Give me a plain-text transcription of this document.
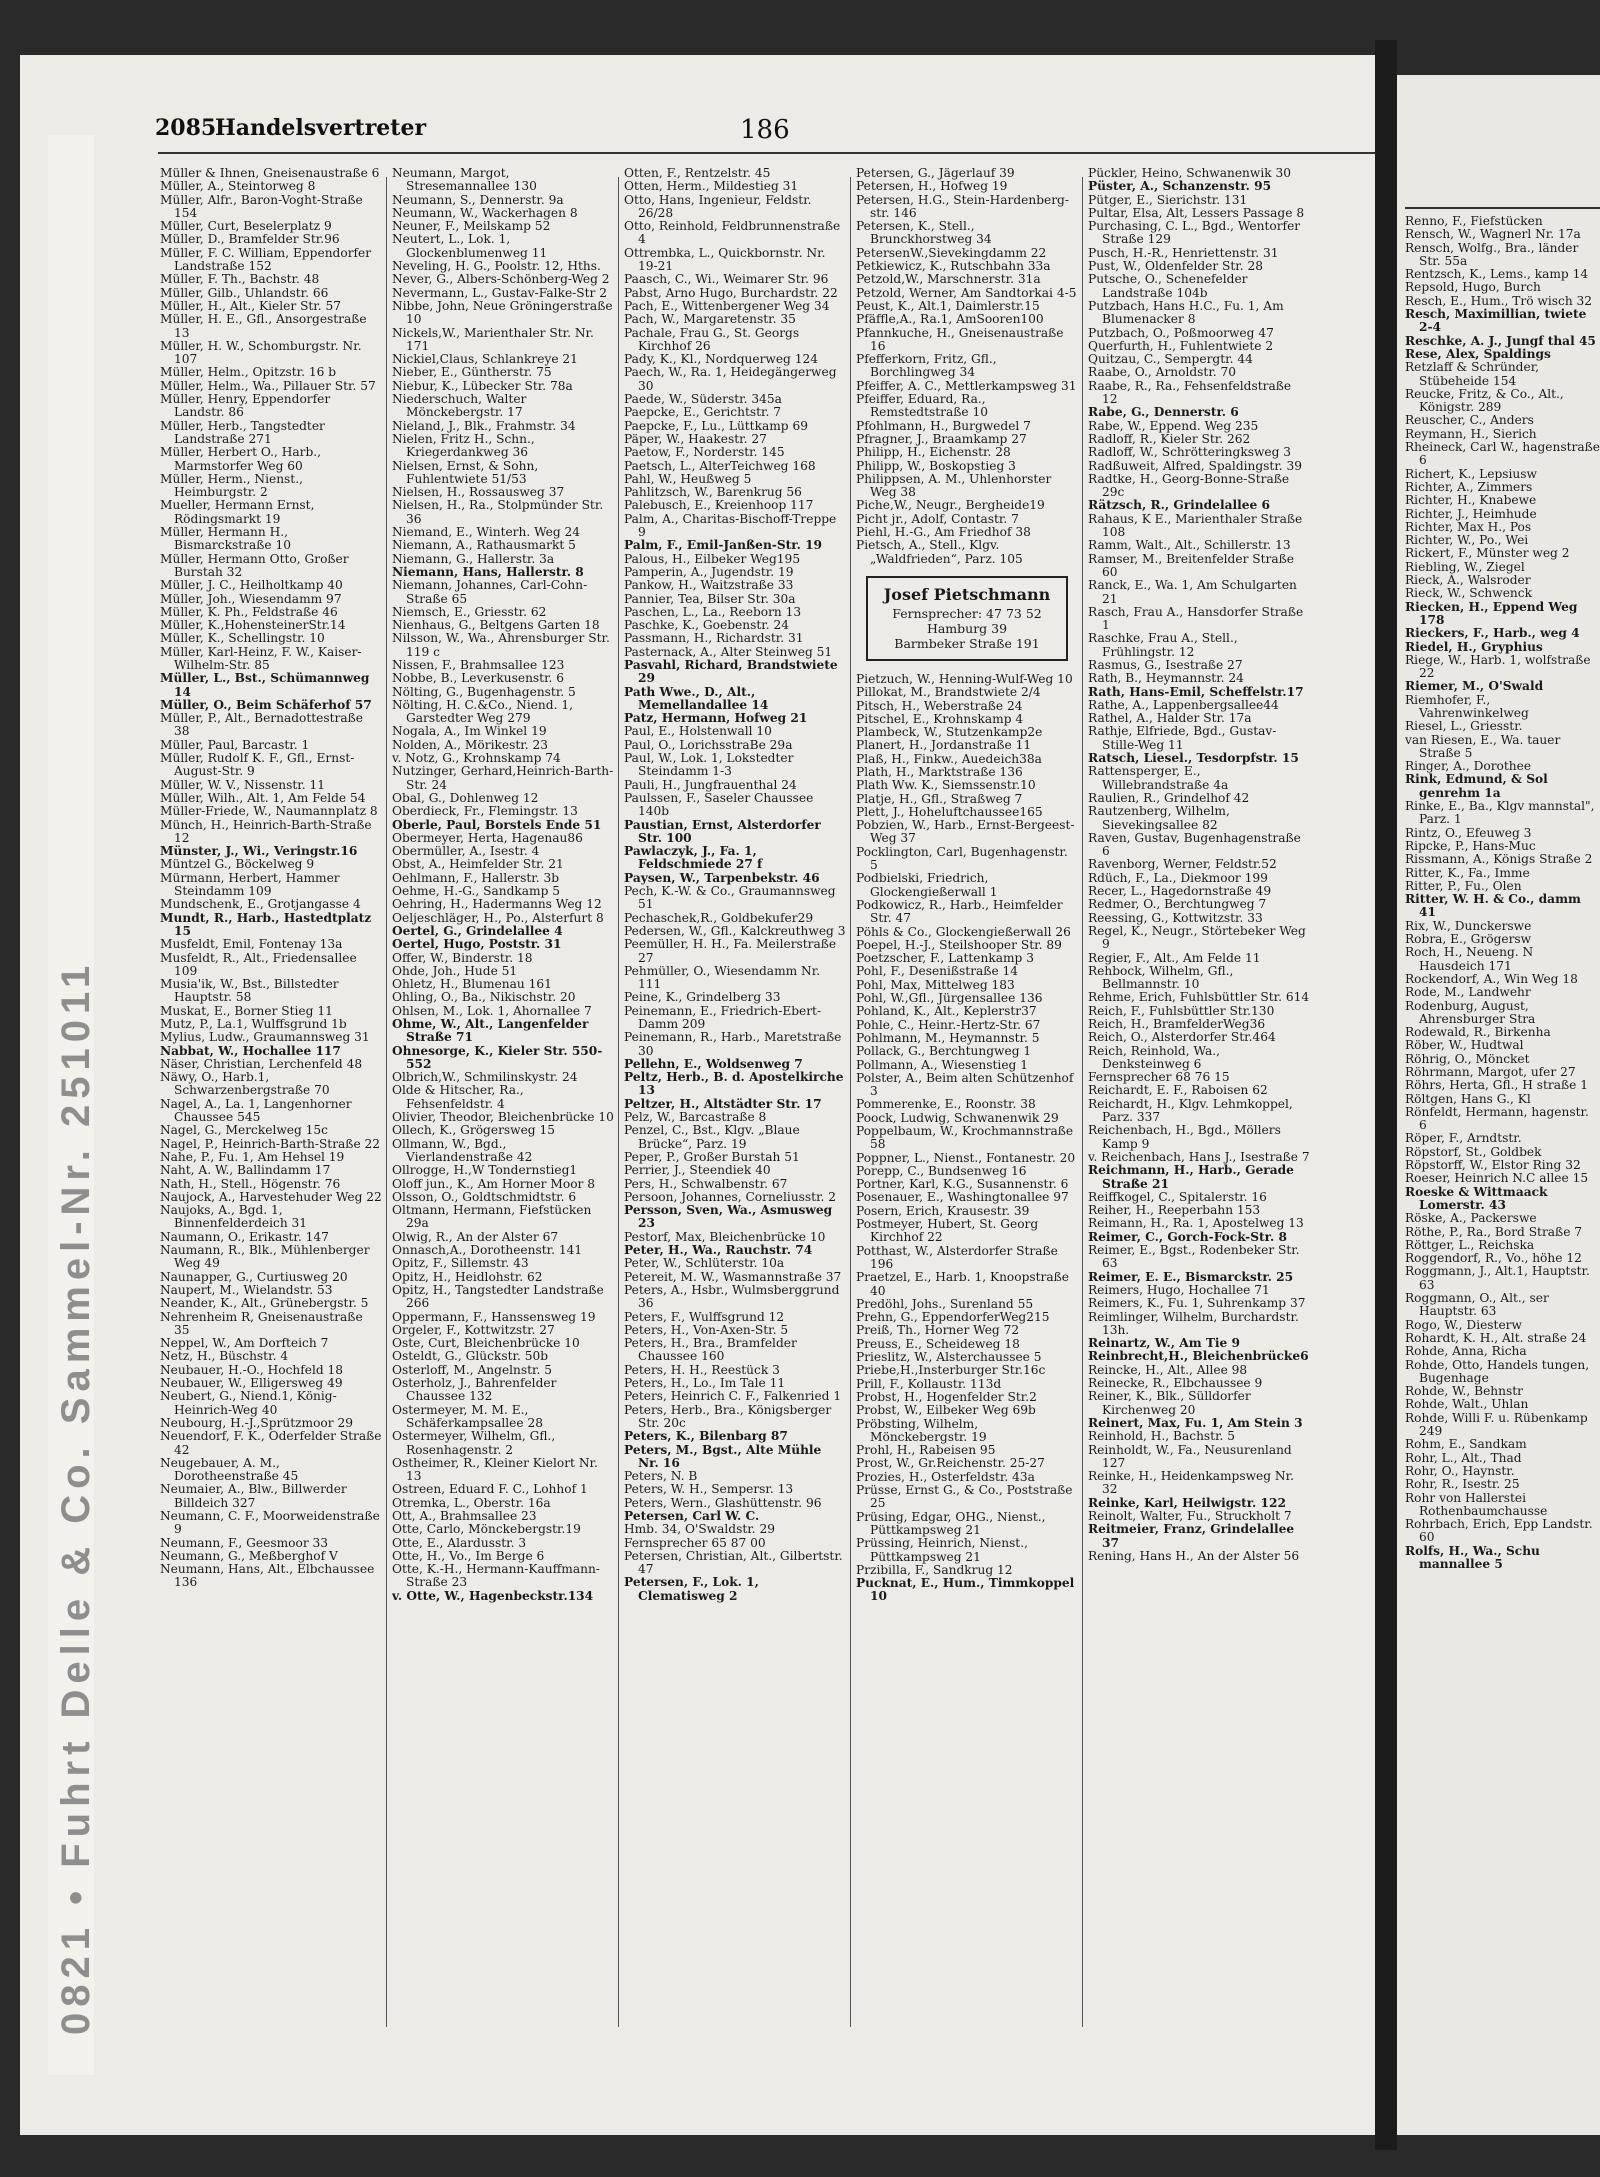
0821 • Fuhrt Delle & Co. Sammel-Nr. 251011
2085
Handelsvertreter	186
Müller & Ihnen, Gneisenaustraße 6
Müller, A., Steintorweg 8
Müller, Alfr., Baron-Voght-Straße 154
Müller, Curt, Beselerplatz 9
Müller, D., Bramfelder Str.96
Müller, F. C. William, Eppendorfer Landstraße 152
Müller, F. Th., Bachstr. 48
Müller, Gilb., Uhlandstr. 66
Müller, H., Alt., Kieler Str. 57
Müller, H. E., Gfl., Ansorgestraße 13
Müller, H. W., Schomburgstr. Nr. 107
Müller, Helm., Opitzstr. 16 b
Müller, Helm., Wa., Pillauer Str. 57
Müller, Henry, Eppendorfer Landstr. 86
Müller, Herb., Tangstedter Landstraße 271
Müller, Herbert O., Harb., Marmstorfer Weg 60
Müller, Herm., Nienst., Heimburgstr. 2
Mueller, Hermann Ernst, Rödingsmarkt 19
Müller, Hermann H., Bismarckstraße 10
Müller, Hermann Otto, Großer Burstah 32
Müller, J. C., Heilholtkamp 40
Müller, Joh., Wiesendamm 97
Müller, K. Ph., Feldstraße 46
Müller, K.,HohensteinerStr.14
Müller, K., Schellingstr. 10
Müller, Karl-Heinz, F. W., Kaiser-Wilhelm-Str. 85
Müller, L., Bst., Schümannweg 14
Müller, O., Beim Schäferhof 57
Müller, P., Alt., Bernadottestraße 38
Müller, Paul, Barcastr. 1
Müller, Rudolf K. F., Gfl., Ernst-August-Str. 9
Müller, W. V., Nissenstr. 11
Müller, Wilh., Alt. 1, Am Felde 54
Müller-Friede, W., Naumannplatz 8
Münch, H., Heinrich-Barth-Straße 12
Münster, J., Wi., Veringstr.16
Müntzel G., Böckelweg 9
Mürmann, Herbert, Hammer Steindamm 109
Mundschenk, E., Grotjangasse 4
Mundt, R., Harb., Hastedtplatz 15
Musfeldt, Emil, Fontenay 13a
Musfeldt, R., Alt., Friedensallee 109
Musia'ik, W., Bst., Billstedter Hauptstr. 58
Muskat, E., Borner Stieg 11
Mutz, P., La.1, Wulffsgrund 1b
Mylius, Ludw., Graumannsweg 31
Nabbat, W., Hochallee 117
Näser, Christian, Lerchenfeld 48
Näwy, O., Harb.1, Schwarzenbergstraße 70
Nagel, A., La. 1, Langenhorner Chaussee 545
Nagel, G., Merckelweg 15c
Nagel, P., Heinrich-Barth-Straße 22
Nahe, P., Fu. 1, Am Hehsel 19
Naht, A. W., Ballindamm 17
Nath, H., Stell., Högenstr. 76
Naujock, A., Harvestehuder Weg 22
Naujoks, A., Bgd. 1, Binnenfelderdeich 31
Naumann, O., Erikastr. 147
Naumann, R., Blk., Mühlenberger Weg 49
Naunapper, G., Curtiusweg 20
Naupert, M., Wielandstr. 53
Neander, K., Alt., Grünebergstr. 5
Nehrenheim R, Gneisenaustraße 35
Neppel, W., Am Dorfteich 7
Netz, H., Büschstr. 4
Neubauer, H.-O., Hochfeld 18
Neubauer, W., Elligersweg 49
Neubert, G., Niend.1, König-Heinrich-Weg 40
Neubourg, H.-J.,Sprützmoor 29
Neuendorf, F. K., Oderfelder Straße 42
Neugebauer, A. M., Dorotheenstraße 45
Neumaier, A., Blw., Billwerder Billdeich 327
Neumann, C. F., Moorweidenstraße 9
Neumann, F., Geesmoor 33
Neumann, G., Meßberghof V
Neumann, Hans, Alt., Elbchaussee 136
Neumann, Margot, Stresemannallee 130
Neumann, S., Dennerstr. 9a
Neumann, W., Wackerhagen 8
Neuner, F., Meilskamp 52
Neutert, L., Lok. 1, Glockenblumenweg 11
Neveling, H. G., Poolstr. 12, Hths.
Never, G., Albers-Schönberg-Weg 2
Nevermann, L., Gustav-Falke-Str 2
Nibbe, John, Neue Gröningerstraße 10
Nickels,W., Marienthaler Str. Nr. 171
Nickiel,Claus, Schlankreye 21
Nieber, E., Güntherstr. 75
Niebur, K., Lübecker Str. 78a
Niederschuch, Walter Mönckebergstr. 17
Nieland, J., Blk., Frahmstr. 34
Nielen, Fritz H., Schn., Kriegerdankweg 36
Nielsen, Ernst, & Sohn, Fuhlentwiete 51/53
Nielsen, H., Rossausweg 37
Nielsen, H., Ra., Stolpmünder Str. 36
Niemand, E., Winterh. Weg 24
Niemann, A., Rathausmarkt 5
Niemann, G., Hallerstr. 3a
Niemann, Hans, Hallerstr. 8
Niemann, Johannes, Carl-Cohn-Straße 65
Niemsch, E., Griesstr. 62
Nienhaus, G., Beltgens Garten 18
Nilsson, W., Wa., Ahrensburger Str. 119 c
Nissen, F., Brahmsallee 123
Nobbe, B., Leverkusenstr. 6
Nölting, G., Bugenhagenstr. 5
Nölting, H. C.&Co., Niend. 1, Garstedter Weg 279
Nogala, A., Im Winkel 19
Nolden, A., Mörikestr. 23
v. Notz, G., Krohnskamp 74
Nutzinger, Gerhard,Heinrich-Barth-Str. 24
Obal, G., Dohlenweg 12
Oberdieck, Fr., Flemingstr. 13
Oberle, Paul, Borstels Ende 51
Obermeyer, Herta, Hagenau86
Obermüller, A., Isestr. 4
Obst, A., Heimfelder Str. 21
Oehlmann, F., Hallerstr. 3b
Oehme, H.-G., Sandkamp 5
Oehring, H., Hadermanns Weg 12
Oeljeschläger, H., Po., Alsterfurt 8
Oertel, G., Grindelallee 4
Oertel, Hugo, Poststr. 31
Offer, W., Binderstr. 18
Ohde, Joh., Hude 51
Ohletz, H., Blumenau 161
Ohling, O., Ba., Nikischstr. 20
Ohlsen, M., Lok. 1, Ahornallee 7
Ohme, W., Alt., Langenfelder Straße 71
Ohnesorge, K., Kieler Str. 550-552
Olbrich,W., Schmilinskystr. 24
Olde & Hitscher, Ra., Fehsenfeldstr. 4
Olivier, Theodor, Bleichenbrücke 10
Ollech, K., Grögersweg 15
Ollmann, W., Bgd., Vierlandenstraße 42
Ollrogge, H.,W Tondernstieg1
Oloff jun., K., Am Horner Moor 8
Olsson, O., Goldtschmidtstr. 6
Oltmann, Hermann, Fiefstücken 29a
Olwig, R., An der Alster 67
Onnasch,A., Dorotheenstr. 141
Opitz, F., Sillemstr. 43
Opitz, H., Heidlohstr. 62
Opitz, H., Tangstedter Landstraße 266
Oppermann, F., Hanssensweg 19
Orgeler, F., Kottwitzstr. 27
Oste, Curt, Bleichenbrücke 10
Osteldt, G., Glückstr. 50b
Osterloff, M., Angelnstr. 5
Osterholz, J., Bahrenfelder Chaussee 132
Ostermeyer, M. M. E., Schäferkampsallee 28
Ostermeyer, Wilhelm, Gfl., Rosenhagenstr. 2
Ostheimer, R., Kleiner Kielort Nr. 13
Ostreen, Eduard F. C., Lohhof 1
Otremka, L., Oberstr. 16a
Ott, A., Brahmsallee 23
Otte, Carlo, Mönckebergstr.19
Otte, E., Alardusstr. 3
Otte, H., Vo., Im Berge 6
Otte, K.-H., Hermann-Kauffmann-Straße 23
v. Otte, W., Hagenbeckstr.134
Otten, F., Rentzelstr. 45
Otten, Herm., Mildestieg 31
Otto, Hans, Ingenieur, Feldstr. 26/28
Otto, Reinhold, Feldbrunnenstraße 4
Ottrembka, L., Quickbornstr. Nr. 19-21
Paasch, C., Wi., Weimarer Str. 96
Pabst, Arno Hugo, Burchardstr. 22
Pach, E., Wittenbergener Weg 34
Pach, W., Margaretenstr. 35
Pachale, Frau G., St. Georgs Kirchhof 26
Pady, K., Kl., Nordquerweg 124
Paech, W., Ra. 1, Heidegängerweg 30
Paede, W., Süderstr. 345a
Paepcke, E., Gerichtstr. 7
Paepcke, F., Lu., Lüttkamp 69
Päper, W., Haakestr. 27
Paetow, F., Norderstr. 145
Paetsch, L., AlterTeichweg 168
Pahl, W., Heußweg 5
Pahlitzsch, W., Barenkrug 56
Palebusch, E., Kreienhoop 117
Palm, A., Charitas-Bischoff-Treppe 9
Palm, F., Emil-Janßen-Str. 19
Palous, H., Eilbeker Weg195
Pamperin, A., Jugendstr. 19
Pankow, H., Waitzstraße 33
Pannier, Tea, Bilser Str. 30a
Paschen, L., La., Reeborn 13
Paschke, K., Goebenstr. 24
Passmann, H., Richardstr. 31
Pasternack, A., Alter Steinweg 51
Pasvahl, Richard, Brandstwiete 29
Path Wwe., D., Alt., Memellandallee 14
Patz, Hermann, Hofweg 21
Paul, E., Holstenwall 10
Paul, O., LorichsstraBe 29a
Paul, W., Lok. 1, Lokstedter Steindamm 1-3
Pauli, H., Jungfrauenthal 24
Paulssen, F., Saseler Chaussee 140b
Paustian, Ernst, Alsterdorfer Str. 100
Pawlaczyk, J., Fa. 1, Feldschmiede 27 f
Paysen, W., Tarpenbekstr. 46
Pech, K.-W. & Co., Graumannsweg 51
Pechaschek,R., Goldbekufer29
Pedersen, W., Gfl., Kalckreuthweg 3
Peemüller, H. H., Fa. Meilerstraße 27
Pehmüller, O., Wiesendamm Nr. 111
Peine, K., Grindelberg 33
Peinemann, E., Friedrich-Ebert-Damm 209
Peinemann, R., Harb., Maretstraße 30
Pellehn, E., Woldsenweg 7
Peltz, Herb., B. d. Apostelkirche 13
Peltzer, H., Altstädter Str. 17
Pelz, W., Barcastraße 8
Penzel, C., Bst., Klgv. „Blaue Brücke“, Parz. 19
Peper, P., Großer Burstah 51
Perrier, J., Steendiek 40
Pers, H., Schwalbenstr. 67
Persoon, Johannes, Corneliusstr. 2
Persson, Sven, Wa., Asmusweg 23
Pestorf, Max, Bleichenbrücke 10
Peter, H., Wa., Rauchstr. 74
Peter, W., Schlüterstr. 10a
Petereit, M. W., Wasmannstraße 37
Peters, A., Hsbr., Wulmsberggrund 36
Peters, F., Wulffsgrund 12
Peters, H., Von-Axen-Str. 5
Peters, H., Bra., Bramfelder Chaussee 160
Peters, H. H., Reestück 3
Peters, H., Lo., Im Tale 11
Peters, Heinrich C. F., Falkenried 1
Peters, Herb., Bra., Königsberger Str. 20c
Peters, K., Bilenbarg 87
Peters, M., Bgst., Alte Mühle Nr. 16
Peters, N. B
Peters, W. H., Sempersr. 13
Peters, Wern., Glashüttenstr. 96
Petersen, Carl W. C.
Hmb. 34, O'Swaldstr. 29
Fernsprecher 65 87 00
Petersen, Christian, Alt., Gilbertstr. 47
Petersen, F., Lok. 1, Clematisweg 2
Petersen, G., Jägerlauf 39
Petersen, H., Hofweg 19
Petersen, H.G., Stein-Hardenberg-str. 146
Petersen, K., Stell., Brunckhorstweg 34
PetersenW.,Sievekingdamm 22
Petkiewicz, K., Rutschbahn 33a
Petzold,W., Marschnerstr. 31a
Petzold, Werner, Am Sandtorkai 4-5
Peust, K., Alt.1, Daimlerstr.15
Pfäffle,A., Ra.1, AmSooren100
Pfannkuche, H., Gneisenaustraße 16
Pfefferkorn, Fritz, Gfl., Borchlingweg 34
Pfeiffer, A. C., Mettlerkampsweg 31
Pfeiffer, Eduard, Ra., Remstedtstraße 10
Pfohlmann, H., Burgwedel 7
Pfragner, J., Braamkamp 27
Philipp, H., Eichenstr. 28
Philipp, W., Boskopstieg 3
Philippsen, A. M., Uhlenhorster Weg 38
Piche,W., Neugr., Bergheide19
Picht jr., Adolf, Contastr. 7
Piehl, H.-G., Am Friedhof 38
Pietsch, A., Stell., Klgv. „Waldfrieden“, Parz. 105
Josef Pietschmann
Fernsprecher: 47 73 52
Hamburg 39
Barmbeker Straße 191
Pietzuch, W., Henning-Wulf-Weg 10
Pillokat, M., Brandstwiete 2/4
Pitsch, H., Weberstraße 24
Pitschel, E., Krohnskamp 4
Plambeck, W., Stutzenkamp2e
Planert, H., Jordanstraße 11
Plaß, H., Finkw., Auedeich38a
Plath, H., Marktstraße 136
Plath Ww. K., Siemssenstr.10
Platje, H., Gfl., Straßweg 7
Plett, J., Hoheluftchaussee165
Pobzien, W., Harb., Ernst-Bergeest-Weg 37
Pocklington, Carl, Bugenhagenstr. 5
Podbielski, Friedrich, Glockengießerwall 1
Podkowicz, R., Harb., Heimfelder Str. 47
Pöhls & Co., Glockengießerwall 26
Poepel, H.-J., Steilshooper Str. 89
Poetzscher, F., Lattenkamp 3
Pohl, F., Desenißstraße 14
Pohl, Max, Mittelweg 183
Pohl, W.,Gfl., Jürgensallee 136
Pohland, K., Alt., Keplerstr37
Pohle, C., Heinr.-Hertz-Str. 67
Pohlmann, M., Heymannstr. 5
Pollack, G., Berchtungweg 1
Pollmann, A., Wiesenstieg 1
Polster, A., Beim alten Schützenhof 3
Pommerenke, E., Roonstr. 38
Poock, Ludwig, Schwanenwik 29
Poppelbaum, W., Krochmannstraße 58
Poppner, L., Nienst., Fontanestr. 20
Porepp, C., Bundsenweg 16
Portner, Karl, K.G., Susannenstr. 6
Posenauer, E., Washingtonallee 97
Posern, Erich, Krausestr. 39
Postmeyer, Hubert, St. Georg Kirchhof 22
Potthast, W., Alsterdorfer Straße 196
Praetzel, E., Harb. 1, Knoopstraße 40
Predöhl, Johs., Surenland 55
Prehn, G., EppendorferWeg215
Preiß, Th., Horner Weg 72
Preuss, E., Scheideweg 18
Prieslitz, W., Alsterchaussee 5
Priebe,H.,Insterburger Str.16c
Prill, F., Kollaustr. 113d
Probst, H., Hogenfelder Str.2
Probst, W., Eilbeker Weg 69b
Pröbsting, Wilhelm, Mönckebergstr. 19
Prohl, H., Rabeisen 95
Prost, W., Gr.Reichenstr. 25-27
Prozies, H., Osterfeldstr. 43a
Prüsse, Ernst G., & Co., Poststraße 25
Prüsing, Edgar, OHG., Nienst., Püttkampsweg 21
Prüssing, Heinrich, Nienst., Püttkampsweg 21
Przibilla, F., Sandkrug 12
Pucknat, E., Hum., Timmkoppel 10
Pückler, Heino, Schwanenwik 30
Püster, A., Schanzenstr. 95
Pütger, E., Sierichstr. 131
Pultar, Elsa, Alt, Lessers Passage 8
Purchasing, C. L., Bgd., Wentorfer Straße 129
Pusch, H.-R., Henriettenstr. 31
Pust, W., Oldenfelder Str. 28
Putsche, O., Schenefelder Landstraße 104b
Putzbach, Hans H.C., Fu. 1, Am Blumenacker 8
Putzbach, O., Poßmoorweg 47
Querfurth, H., Fuhlentwiete 2
Quitzau, C., Sempergtr. 44
Raabe, O., Arnoldstr. 70
Raabe, R., Ra., Fehsenfeldstraße 12
Rabe, G., Dennerstr. 6
Rabe, W., Eppend. Weg 235
Radloff, R., Kieler Str. 262
Radloff, W., Schrötteringksweg 3
Radßuweit, Alfred, Spaldingstr. 39
Radtke, H., Georg-Bonne-Straße 29c
Rätzsch, R., Grindelallee 6
Rahaus, K E., Marienthaler Straße 108
Ramm, Walt., Alt., Schillerstr. 13
Ramser, M., Breitenfelder Straße 60
Ranck, E., Wa. 1, Am Schulgarten 21
Rasch, Frau A., Hansdorfer Straße 1
Raschke, Frau A., Stell., Frühlingstr. 12
Rasmus, G., Isestraße 27
Rath, B., Heymannstr. 24
Rath, Hans-Emil, Scheffelstr.17
Rathe, A., Lappenbergsallee44
Rathel, A., Halder Str. 17a
Rathje, Elfriede, Bgd., Gustav-Stille-Weg 11
Ratsch, Liesel., Tesdorpfstr. 15
Rattensperger, E., Willebrandstraße 4a
Raulien, R., Grindelhof 42
Rautzenberg, Wilhelm, Sievekingsallee 82
Raven, Gustav, Bugenhagenstraße 6
Ravenborg, Werner, Feldstr.52
Rdüch, F., La., Diekmoor 199
Recer, L., Hagedornstraße 49
Redmer, O., Berchtungweg 7
Reessing, G., Kottwitzstr. 33
Regel, K., Neugr., Störtebeker Weg 9
Regier, F., Alt., Am Felde 11
Rehbock, Wilhelm, Gfl., Bellmannstr. 10
Rehme, Erich, Fuhlsbüttler Str. 614
Reich, F., Fuhlsbüttler Str.130
Reich, H., BramfelderWeg36
Reich, O., Alsterdorfer Str.464
Reich, Reinhold, Wa., Denksteinweg 6
Fernsprecher 68 76 15
Reichardt, E. F., Raboisen 62
Reichardt, H., Klgv. Lehmkoppel, Parz. 337
Reichenbach, H., Bgd., Möllers Kamp 9
v. Reichenbach, Hans J., Isestraße 7
Reichmann, H., Harb., Gerade Straße 21
Reiffkogel, C., Spitalerstr. 16
Reiher, H., Reeperbahn 153
Reimann, H., Ra. 1, Apostelweg 13
Reimer, C., Gorch-Fock-Str. 8
Reimer, E., Bgst., Rodenbeker Str. 63
Reimer, E. E., Bismarckstr. 25
Reimers, Hugo, Hochallee 71
Reimers, K., Fu. 1, Suhrenkamp 37
Reimlinger, Wilhelm, Burchardstr. 13h.
Reinartz, W., Am Tie 9
Reinbrecht,H., Bleichenbrücke6
Reincke, H., Alt., Allee 98
Reinecke, R., Elbchaussee 9
Reiner, K., Blk., Sülldorfer Kirchenweg 20
Reinert, Max, Fu. 1, Am Stein 3
Reinhold, H., Bachstr. 5
Reinholdt, W., Fa., Neusurenland 127
Reinke, H., Heidenkampsweg Nr. 32
Reinke, Karl, Heilwigstr. 122
Reinolt, Walter, Fu., Struckholt 7
Reitmeier, Franz, Grindelallee 37
Rening, Hans H., An der Alster 56
Renno, F., Fiefstücken
Rensch, W., Wagnerl Nr. 17a
Rensch, Wolfg., Bra., länder Str. 55a
Rentzsch, K., Lems., kamp 14
Repsold, Hugo, Burch
Resch, E., Hum., Trö wisch 32
Resch, Maximillian, twiete 2-4
Reschke, A. J., Jungf thal 45
Rese, Alex, Spaldings
Retzlaff & Schründer, Stübeheide 154
Reucke, Fritz, & Co., Alt., Königstr. 289
Reuscher, C., Anders
Reymann, H., Sierich
Rheineck, Carl W., hagenstraße 6
Richert, K., Lepsiusw
Richter, A., Zimmers
Richter, H., Knabewe
Richter, J., Heimhude
Richter, Max H., Pos
Richter, W., Po., Wei
Rickert, F., Münster weg 2
Riebling, W., Ziegel
Rieck, A., Walsroder
Rieck, W., Schwenck
Riecken, H., Eppend Weg 178
Rieckers, F., Harb., weg 4
Riedel, H., Gryphius
Riege, W., Harb. 1, wolfstraße 22
Riemer, M., O'Swald
Riemhofer, F., Vahrenwinkelweg
Riesel, L., Griesstr.
van Riesen, E., Wa. tauer Straße 5
Ringer, A., Dorothee
Rink, Edmund, & Sol genrehm 1a
Rinke, E., Ba., Klgv mannstal", Parz. 1
Rintz, O., Efeuweg 3
Ripcke, P., Hans-Muc
Rissmann, A., Königs Straße 2
Ritter, K., Fa., Imme
Ritter, P., Fu., Olen
Ritter, W. H. & Co., damm 41
Rix, W., Dunckerswe
Robra, E., Grögersw
Roch, H., Neueng. N Hausdeich 171
Rockendorf, A., Win Weg 18
Rode, M., Landwehr
Rodenburg, August, Ahrensburger Stra
Rodewald, R., Birkenha
Röber, W., Hudtwal
Röhrig, O., Möncket
Röhrmann, Margot, ufer 27
Röhrs, Herta, Gfl., H straße 1
Röltgen, Hans G., Kl
Rönfeldt, Hermann, hagenstr. 6
Röper, F., Arndtstr.
Röpstorf, St., Goldbek
Röpstorff, W., Elstor Ring 32
Roeser, Heinrich N.C allee 15
Roeske & Wittmaack Lomerstr. 43
Röske, A., Packerswe
Röthe, P., Ra., Bord Straße 7
Röttger, L., Reichska
Roggendorf, R., Vo., höhe 12
Roggmann, J., Alt.1, Hauptstr. 63
Roggmann, O., Alt., ser Hauptstr. 63
Rogo, W., Diesterw
Rohardt, K. H., Alt. straße 24
Rohde, Anna, Richa
Rohde, Otto, Handels tungen, Bugenhage
Rohde, W., Behnstr
Rohde, Walt., Uhlan
Rohde, Willi F. u. Rübenkamp 249
Rohm, E., Sandkam
Rohr, L., Alt., Thad
Rohr, O., Haynstr.
Rohr, R., Isestr. 25
Rohr von Hallerstei Rothenbaumchausse
Rohrbach, Erich, Epp Landstr. 60
Rolfs, H., Wa., Schu mannallee 5
